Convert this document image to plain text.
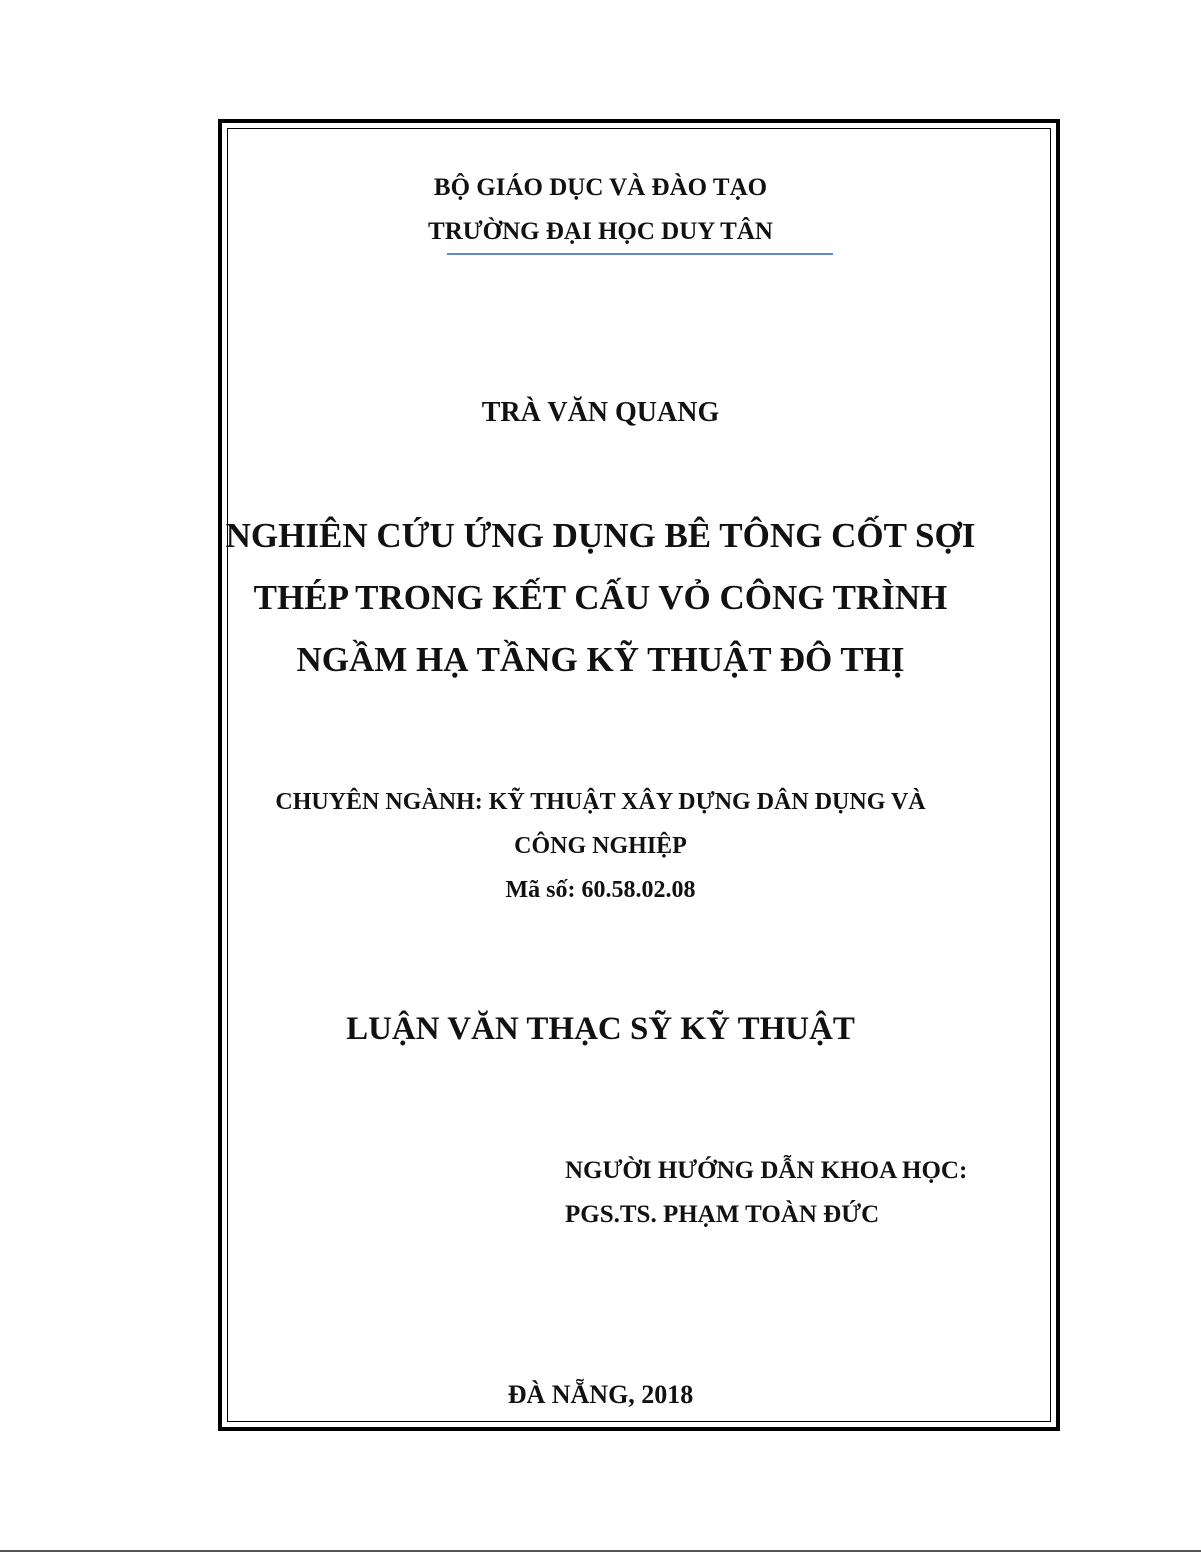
BỘ GIÁO DỤC VÀ ĐÀO TẠO
TRƯỜNG ĐẠI HỌC DUY TÂN
TRÀ VĂN QUANG
NGHIÊN CỨU ỨNG DỤNG BÊ TÔNG CỐT SỢI
THÉP TRONG KẾT CẤU VỎ CÔNG TRÌNH
NGẦM HẠ TẦNG KỸ THUẬT ĐÔ THỊ
CHUYÊN NGÀNH: KỸ THUẬT XÂY DỰNG DÂN DỤNG VÀ
CÔNG NGHIỆP
Mã số: 60.58.02.08
LUẬN VĂN THẠC SỸ KỸ THUẬT
NGƯỜI HƯỚNG DẪN KHOA HỌC:
PGS.TS. PHẠM TOÀN ĐỨC
ĐÀ NẴNG, 2018
